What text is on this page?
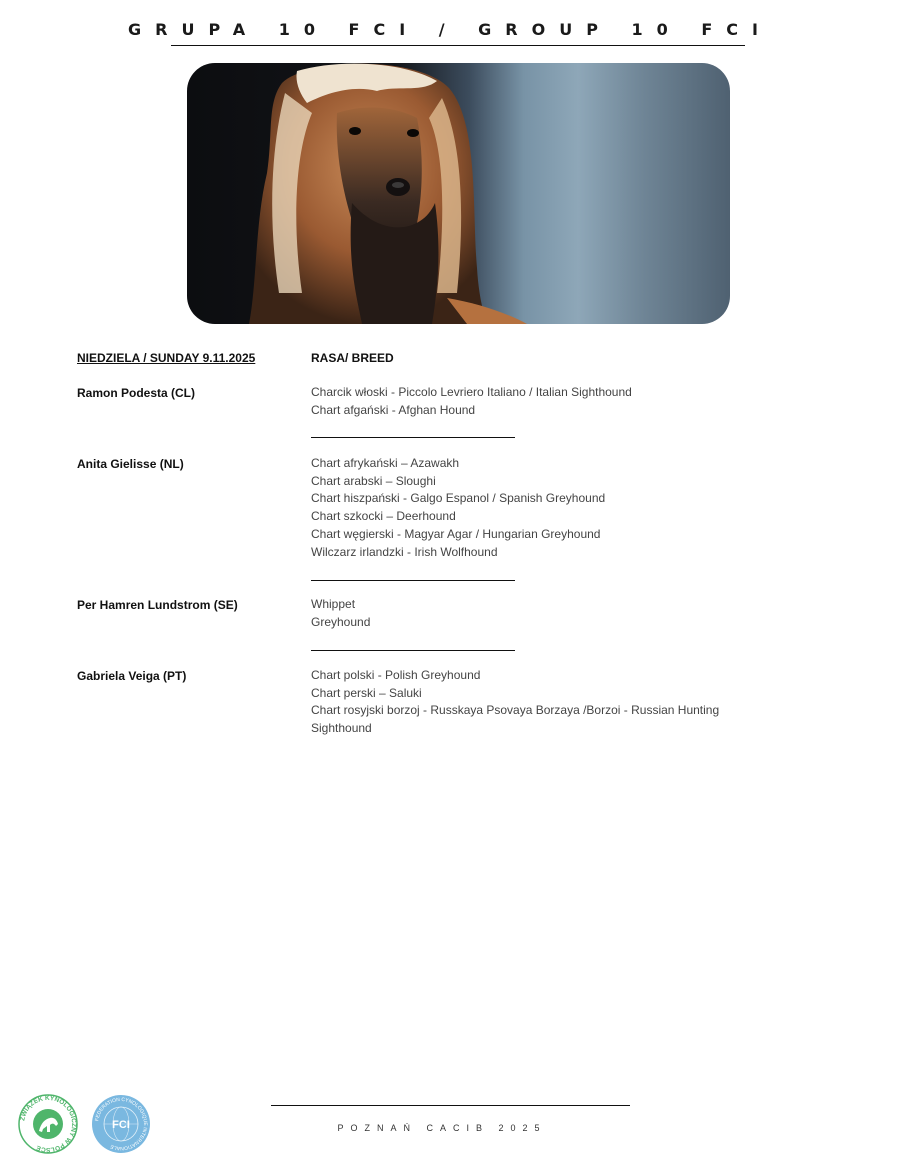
GRUPA 10 FCI / GROUP 10 FCI
NIEDZIELA / SUNDAY 9.11.2025	RASA/ BREED
Ramon Podesta (CL)	Charcik włoski - Piccolo Levriero Italiano / Italian Sighthound
Chart afgański - Afghan Hound
Anita Gielisse (NL)	Chart afrykański – Azawakh
Chart arabski – Sloughi
Chart hiszpański - Galgo Espanol / Spanish Greyhound
Chart szkocki – Deerhound
Chart węgierski - Magyar Agar / Hungarian Greyhound
Wilczarz irlandzki - Irish Wolfhound
Per Hamren Lundstrom (SE)	Whippet
Greyhound
Gabriela Veiga (PT)	Chart polski - Polish Greyhound
Chart perski – Saluki
Chart rosyjski borzoj - Russkaya Psovaya Borzaya /Borzoi - Russian Hunting
Sighthound
POZNAŃ CACIB 2025
ZWIĄZEK KYNOLOGICZNY W POLSCE
FEDERATION CYNOLOGIQUE INTERNATIONALE
FCI
